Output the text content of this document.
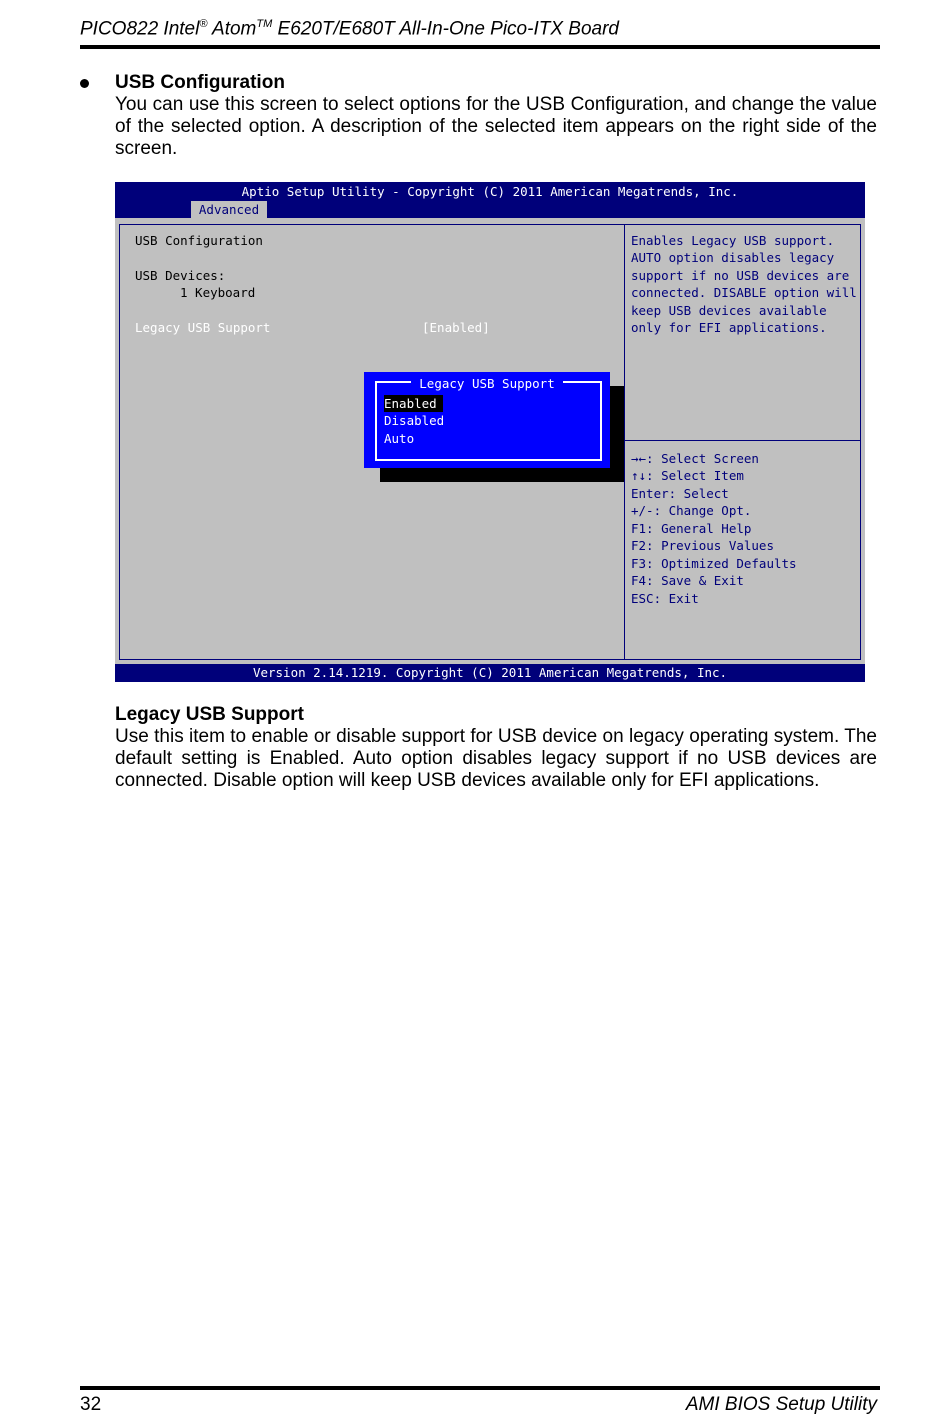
PICO822 Intel® Atom™ E620T/E680T All-In-One Pico-ITX Board
USB Configuration
You can use this screen to select options for the USB Configuration, and change the value of the selected option. A description of the selected item appears on the right side of the screen.
Aptio Setup Utility - Copyright (C) 2011 American Megatrends, Inc.
Advanced
USB Configuration
USB Devices:
1 Keyboard
Legacy USB Support	[Enabled]
Enables Legacy USB support.
AUTO option disables legacy
support if no USB devices are
connected. DISABLE option will
keep USB devices available
only for EFI applications.
→←: Select Screen
↑↓: Select Item
Enter: Select
+/-: Change Opt.
F1: General Help
F2: Previous Values
F3: Optimized Defaults
F4: Save & Exit
ESC: Exit
Legacy USB Support
Enabled
Disabled
Auto
Version 2.14.1219. Copyright (C) 2011 American Megatrends, Inc.
Legacy USB Support
Use this item to enable or disable support for USB device on legacy operating system. The default setting is Enabled. Auto option disables legacy support if no USB devices are connected. Disable option will keep USB devices available only for EFI applications.
32	AMI BIOS Setup Utility
